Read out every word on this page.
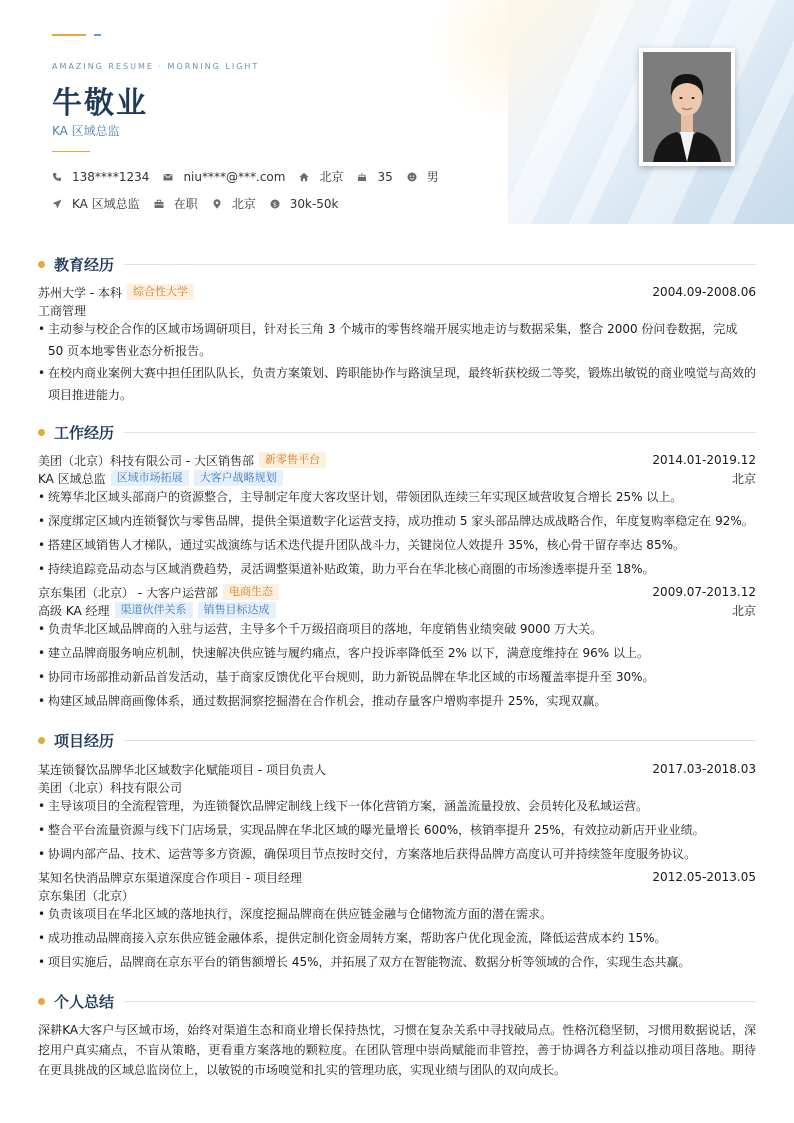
AMAZING RESUME · MORNING LIGHT
牛敬业
KA 区域总监
138****1234	niu****@***.com	北京	35	男
KA 区域总监	在职	北京	$ 30k-50k
教育经历
苏州大学 - 本科	综合性大学	2004.09-2008.06
工商管理
• 主动参与校企合作的区域市场调研项目，针对长三角 3 个城市的零售终端开展实地走访与数据采集，整合 2000 份问卷数据，完成 50 页本地零售业态分析报告。
• 在校内商业案例大赛中担任团队队长，负责方案策划、跨职能协作与路演呈现，最终斩获校级二等奖，锻炼出敏锐的商业嗅觉与高效的项目推进能力。
工作经历
美团（北京）科技有限公司 - 大区销售部	新零售平台	2014.01-2019.12
KA 区域总监	区域市场拓展	大客户战略规划	北京
• 统筹华北区域头部商户的资源整合，主导制定年度大客攻坚计划，带领团队连续三年实现区域营收复合增长 25% 以上。
• 深度绑定区域内连锁餐饮与零售品牌，提供全渠道数字化运营支持，成功推动 5 家头部品牌达成战略合作，年度复购率稳定在 92%。
• 搭建区域销售人才梯队，通过实战演练与话术迭代提升团队战斗力，关键岗位人效提升 35%，核心骨干留存率达 85%。
• 持续追踪竞品动态与区域消费趋势，灵活调整渠道补贴政策，助力平台在华北核心商圈的市场渗透率提升至 18%。
京东集团（北京） - 大客户运营部	电商生态	2009.07-2013.12
高级 KA 经理	渠道伙伴关系	销售目标达成	北京
• 负责华北区域品牌商的入驻与运营，主导多个千万级招商项目的落地，年度销售业绩突破 9000 万大关。
• 建立品牌商服务响应机制，快速解决供应链与履约痛点，客户投诉率降低至 2% 以下，满意度维持在 96% 以上。
• 协同市场部推动新品首发活动，基于商家反馈优化平台规则，助力新锐品牌在华北区域的市场覆盖率提升至 30%。
• 构建区域品牌商画像体系，通过数据洞察挖掘潜在合作机会，推动存量客户增购率提升 25%，实现双赢。
项目经历
某连锁餐饮品牌华北区域数字化赋能项目 - 项目负责人	2017.03-2018.03
美团（北京）科技有限公司
• 主导该项目的全流程管理，为连锁餐饮品牌定制线上线下一体化营销方案，涵盖流量投放、会员转化及私域运营。
• 整合平台流量资源与线下门店场景，实现品牌在华北区域的曝光量增长 600%，核销率提升 25%，有效拉动新店开业业绩。
• 协调内部产品、技术、运营等多方资源，确保项目节点按时交付，方案落地后获得品牌方高度认可并持续签年度服务协议。
某知名快消品牌京东渠道深度合作项目 - 项目经理	2012.05-2013.05
京东集团（北京）
• 负责该项目在华北区域的落地执行，深度挖掘品牌商在供应链金融与仓储物流方面的潜在需求。
• 成功推动品牌商接入京东供应链金融体系，提供定制化资金周转方案，帮助客户优化现金流，降低运营成本约 15%。
• 项目实施后，品牌商在京东平台的销售额增长 45%，并拓展了双方在智能物流、数据分析等领域的合作，实现生态共赢。
个人总结
深耕KA大客户与区域市场，始终对渠道生态和商业增长保持热忱，习惯在复杂关系中寻找破局点。性格沉稳坚韧，习惯用数据说话，深挖用户真实痛点，不盲从策略，更看重方案落地的颗粒度。在团队管理中崇尚赋能而非管控，善于协调各方利益以推动项目落地。期待在更具挑战的区域总监岗位上，以敏锐的市场嗅觉和扎实的管理功底，实现业绩与团队的双向成长。
